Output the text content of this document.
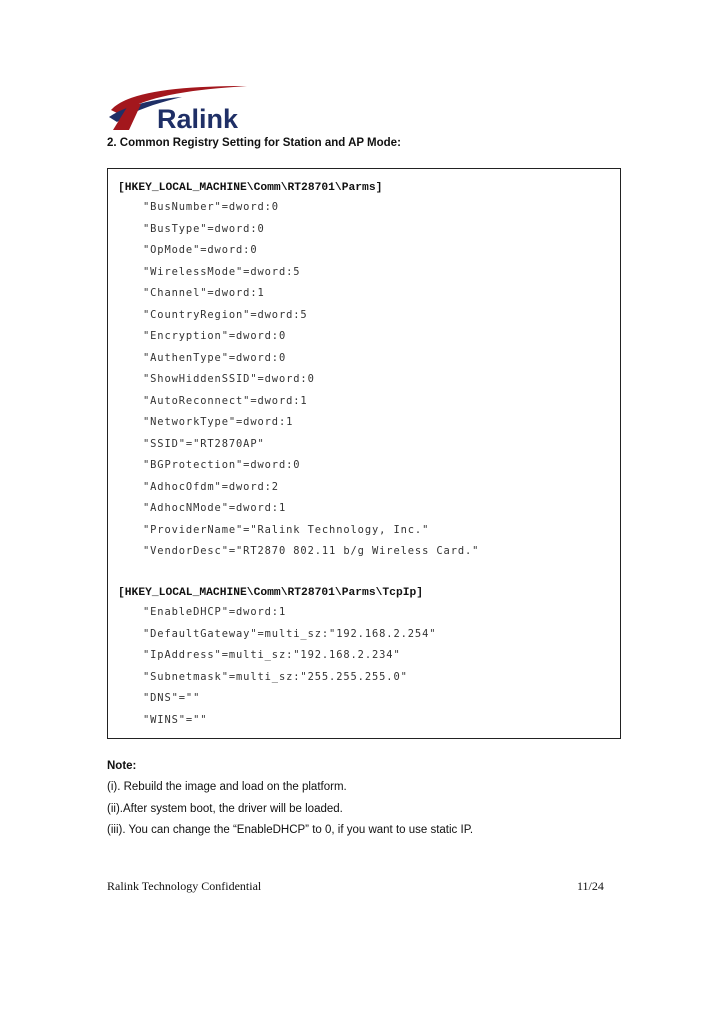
Ralink
2. Common Registry Setting for Station and AP Mode:
[HKEY_LOCAL_MACHINE\Comm\RT28701\Parms]
"BusNumber"=dword:0
"BusType"=dword:0
"OpMode"=dword:0
"WirelessMode"=dword:5
"Channel"=dword:1
"CountryRegion"=dword:5
"Encryption"=dword:0
"AuthenType"=dword:0
"ShowHiddenSSID"=dword:0
"AutoReconnect"=dword:1
"NetworkType"=dword:1
"SSID"="RT2870AP"
"BGProtection"=dword:0
"AdhocOfdm"=dword:2
"AdhocNMode"=dword:1
"ProviderName"="Ralink Technology, Inc."
"VendorDesc"="RT2870 802.11 b/g Wireless Card."
[HKEY_LOCAL_MACHINE\Comm\RT28701\Parms\TcpIp]
"EnableDHCP"=dword:1
"DefaultGateway"=multi_sz:"192.168.2.254"
"IpAddress"=multi_sz:"192.168.2.234"
"Subnetmask"=multi_sz:"255.255.255.0"
"DNS"=""
"WINS"=""
Note:
(i). Rebuild the image and load on the platform.
(ii).After system boot, the driver will be loaded.
(iii). You can change the “EnableDHCP” to 0, if you want to use static IP.
Ralink Technology Confidential	11/24
